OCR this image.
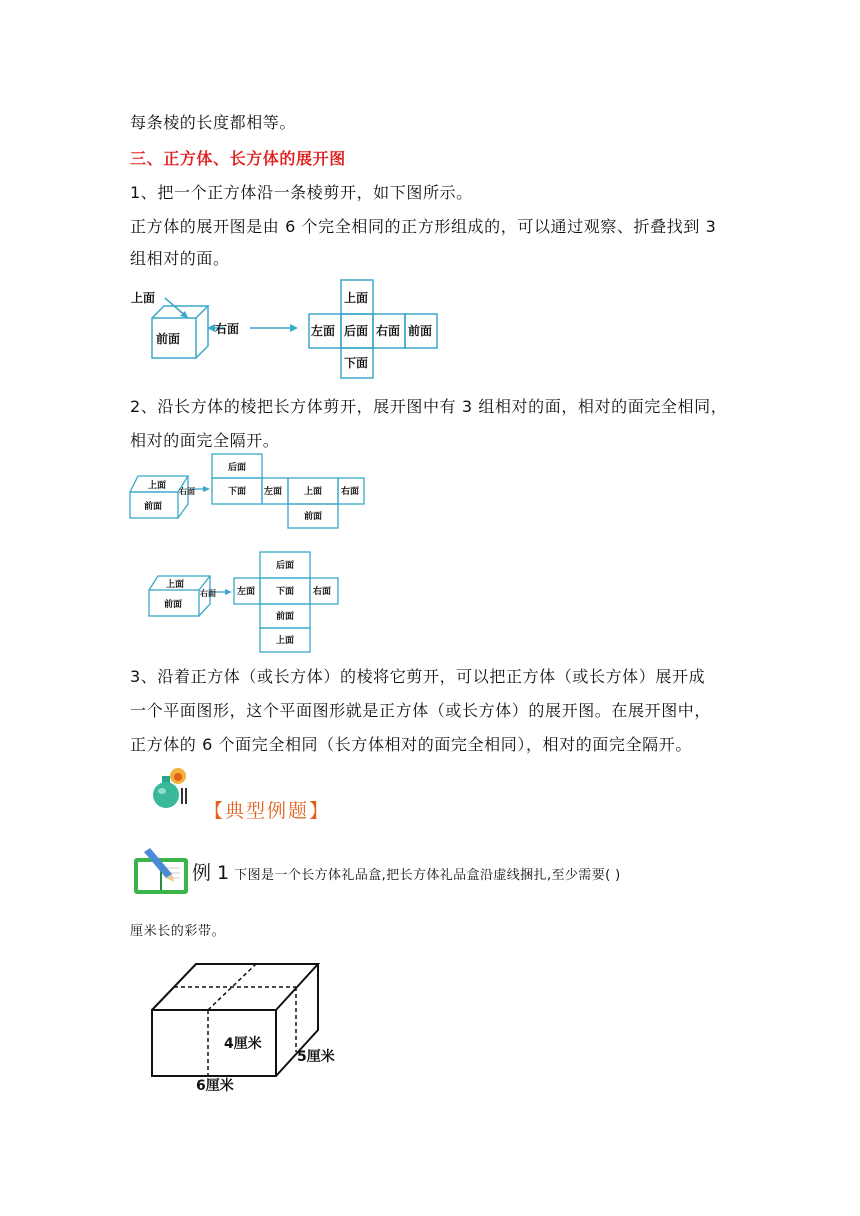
每条棱的长度都相等。
三、正方体、长方体的展开图
1、把一个正方体沿一条棱剪开，如下图所示。
正方体的展开图是由 6 个完全相同的正方形组成的，可以通过观察、折叠找到 3
组相对的面。
上面
前面
右面
上面
左面 后面 右面 前面
下面
2、沿长方体的棱把长方体剪开，展开图中有 3 组相对的面，相对的面完全相同，
相对的面完全隔开。
上面
前面
右面
后面
下面 左面 上面 右面
前面
上面
前面
右面
后面
左面 下面 右面
前面
上面
3、沿着正方体（或长方体）的棱将它剪开，可以把正方体（或长方体）展开成
一个平面图形，这个平面图形就是正方体（或长方体）的展开图。在展开图中，
正方体的 6 个面完全相同（长方体相对的面完全相同），相对的面完全隔开。
【典型例题】
例 1 下图是一个长方体礼品盒,把长方体礼品盒沿虚线捆扎,至少需要( )
厘米长的彩带。
4厘米
5厘米
6厘米
